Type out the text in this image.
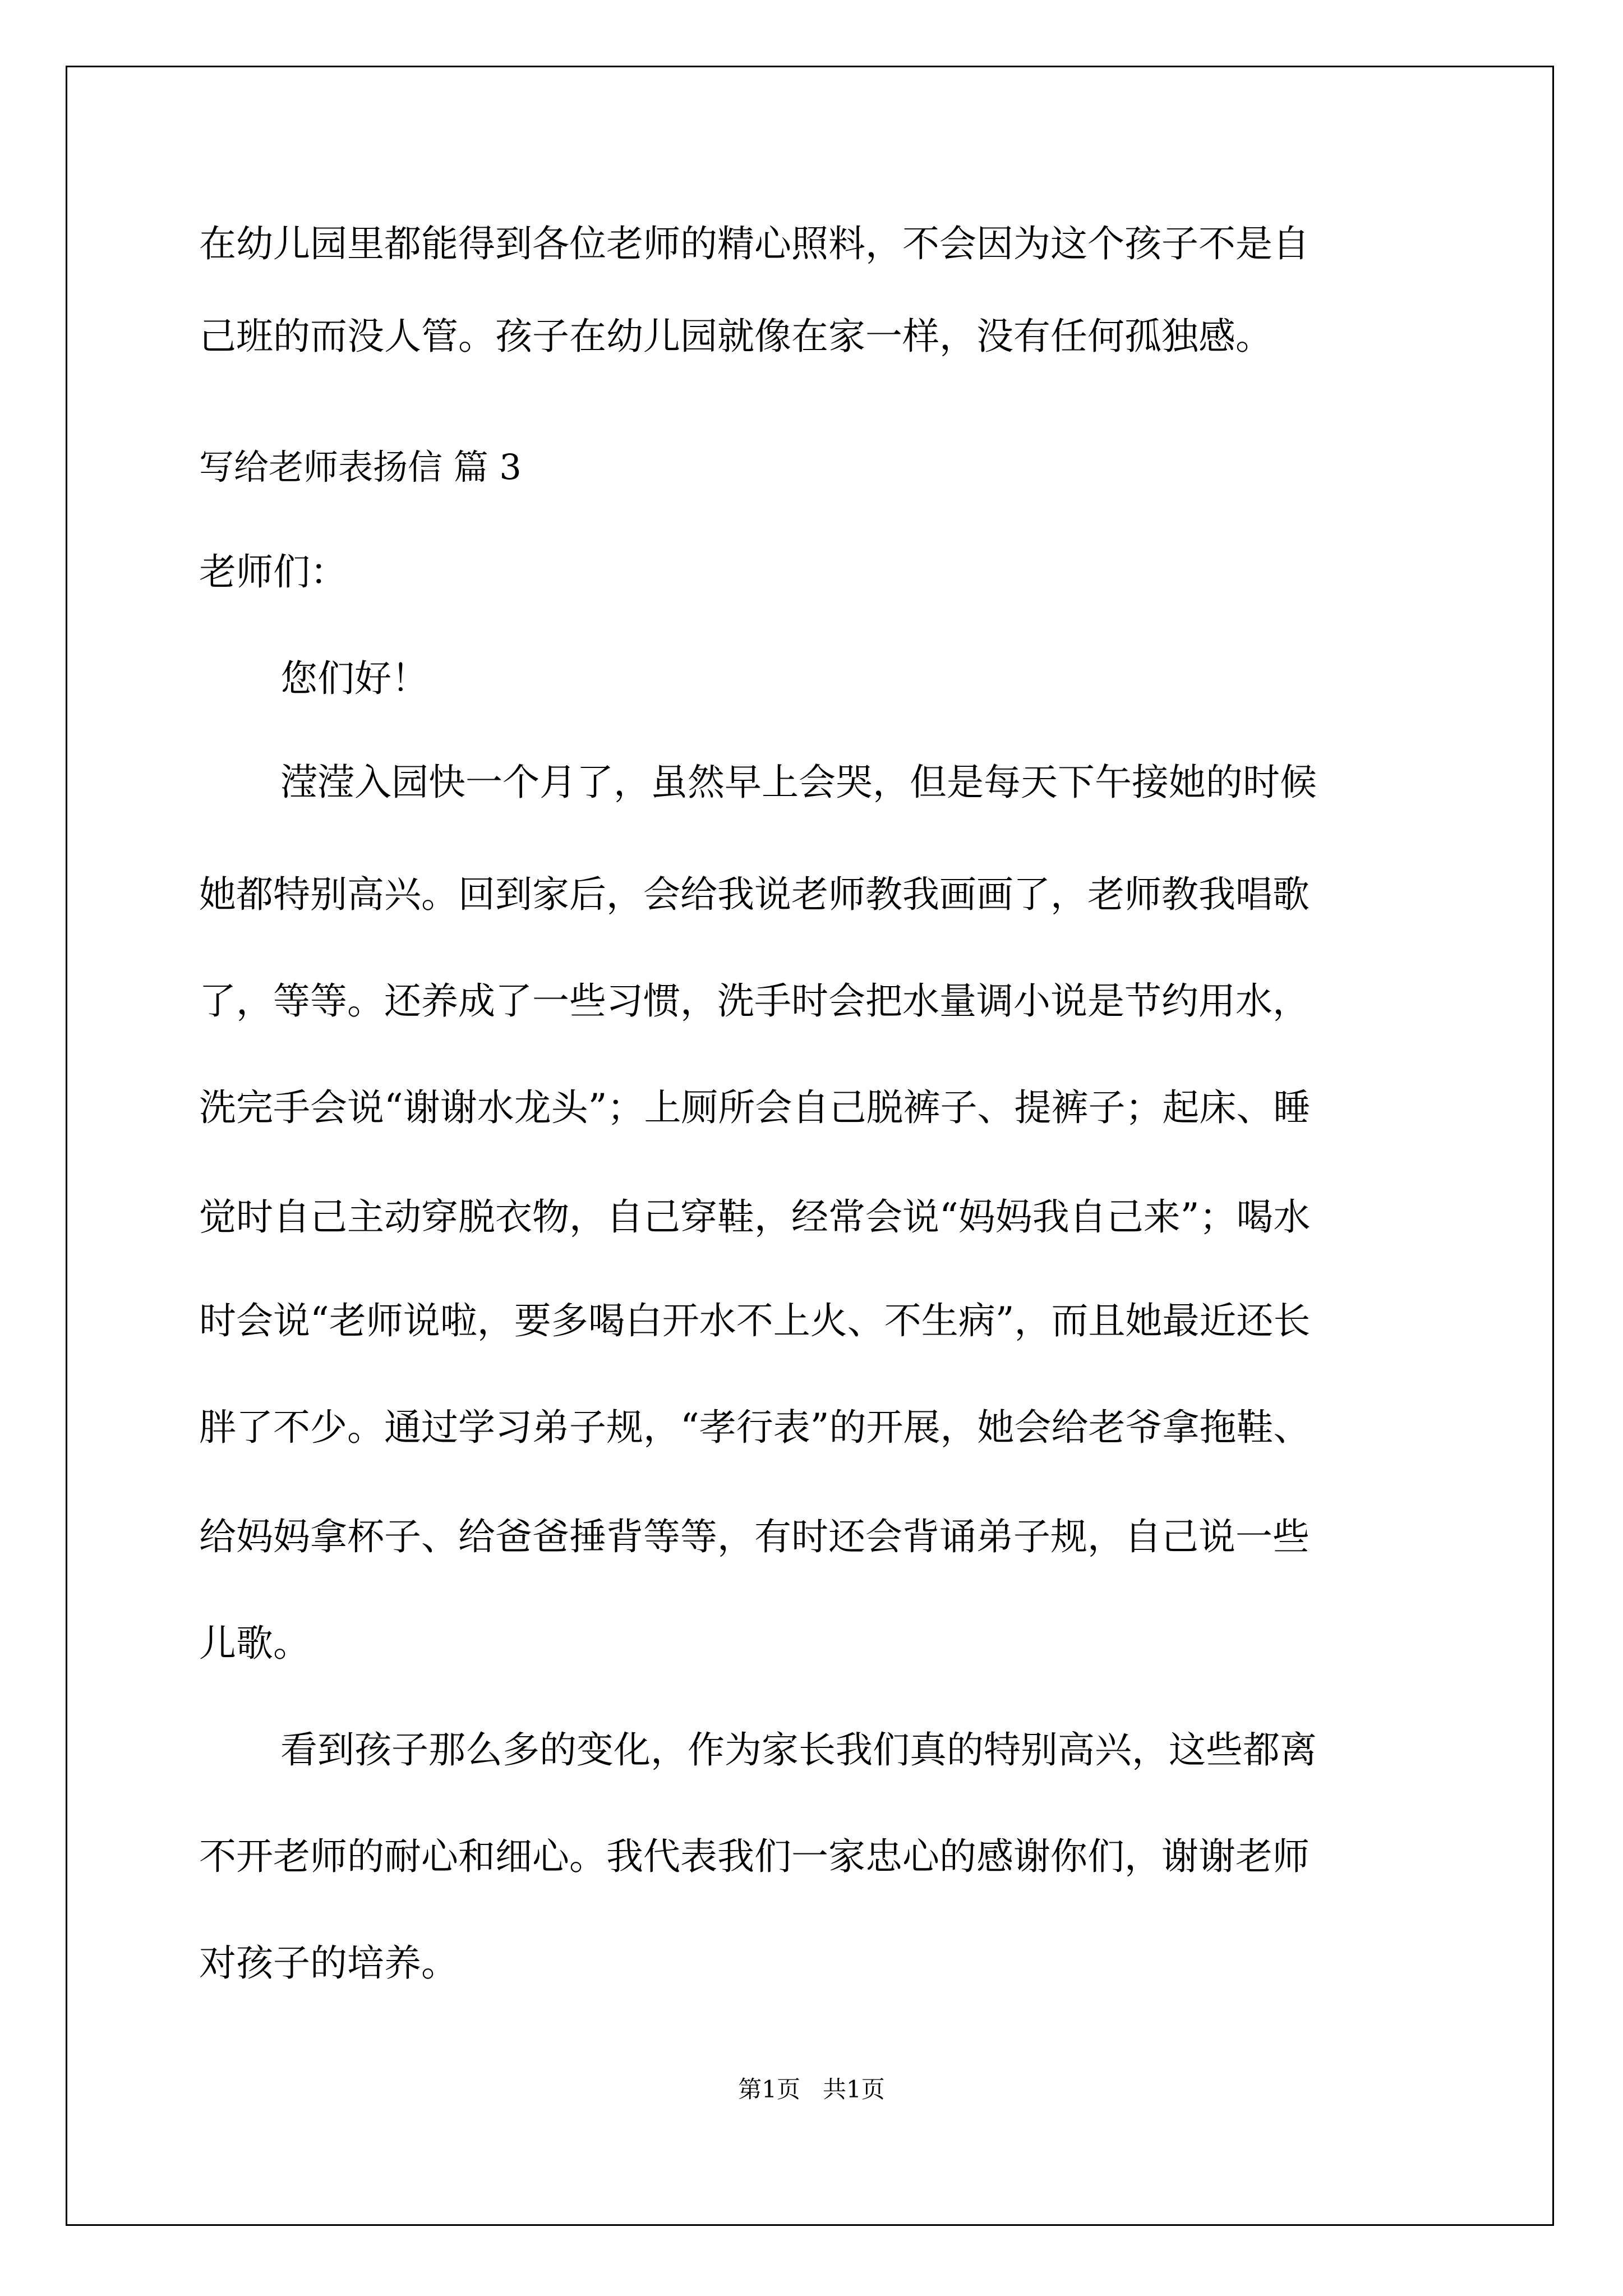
在幼儿园里都能得到各位老师的精心照料，不会因为这个孩子不是自
己班的而没人管。孩子在幼儿园就像在家一样，没有任何孤独感。
写给老师表扬信 篇 3
老师们：
您们好！
滢滢入园快一个月了，虽然早上会哭，但是每天下午接她的时候
她都特别高兴。回到家后，会给我说老师教我画画了，老师教我唱歌
了，等等。还养成了一些习惯，洗手时会把水量调小说是节约用水，
洗完手会说“谢谢水龙头”；上厕所会自己脱裤子、提裤子；起床、睡
觉时自己主动穿脱衣物，自己穿鞋，经常会说“妈妈我自己来”；喝水
时会说“老师说啦，要多喝白开水不上火、不生病”，而且她最近还长
胖了不少。通过学习弟子规，“孝行表”的开展，她会给老爷拿拖鞋、
给妈妈拿杯子、给爸爸捶背等等，有时还会背诵弟子规，自己说一些
儿歌。
看到孩子那么多的变化，作为家长我们真的特别高兴，这些都离
不开老师的耐心和细心。我代表我们一家忠心的感谢你们，谢谢老师
对孩子的培养。
第1页   共1页
